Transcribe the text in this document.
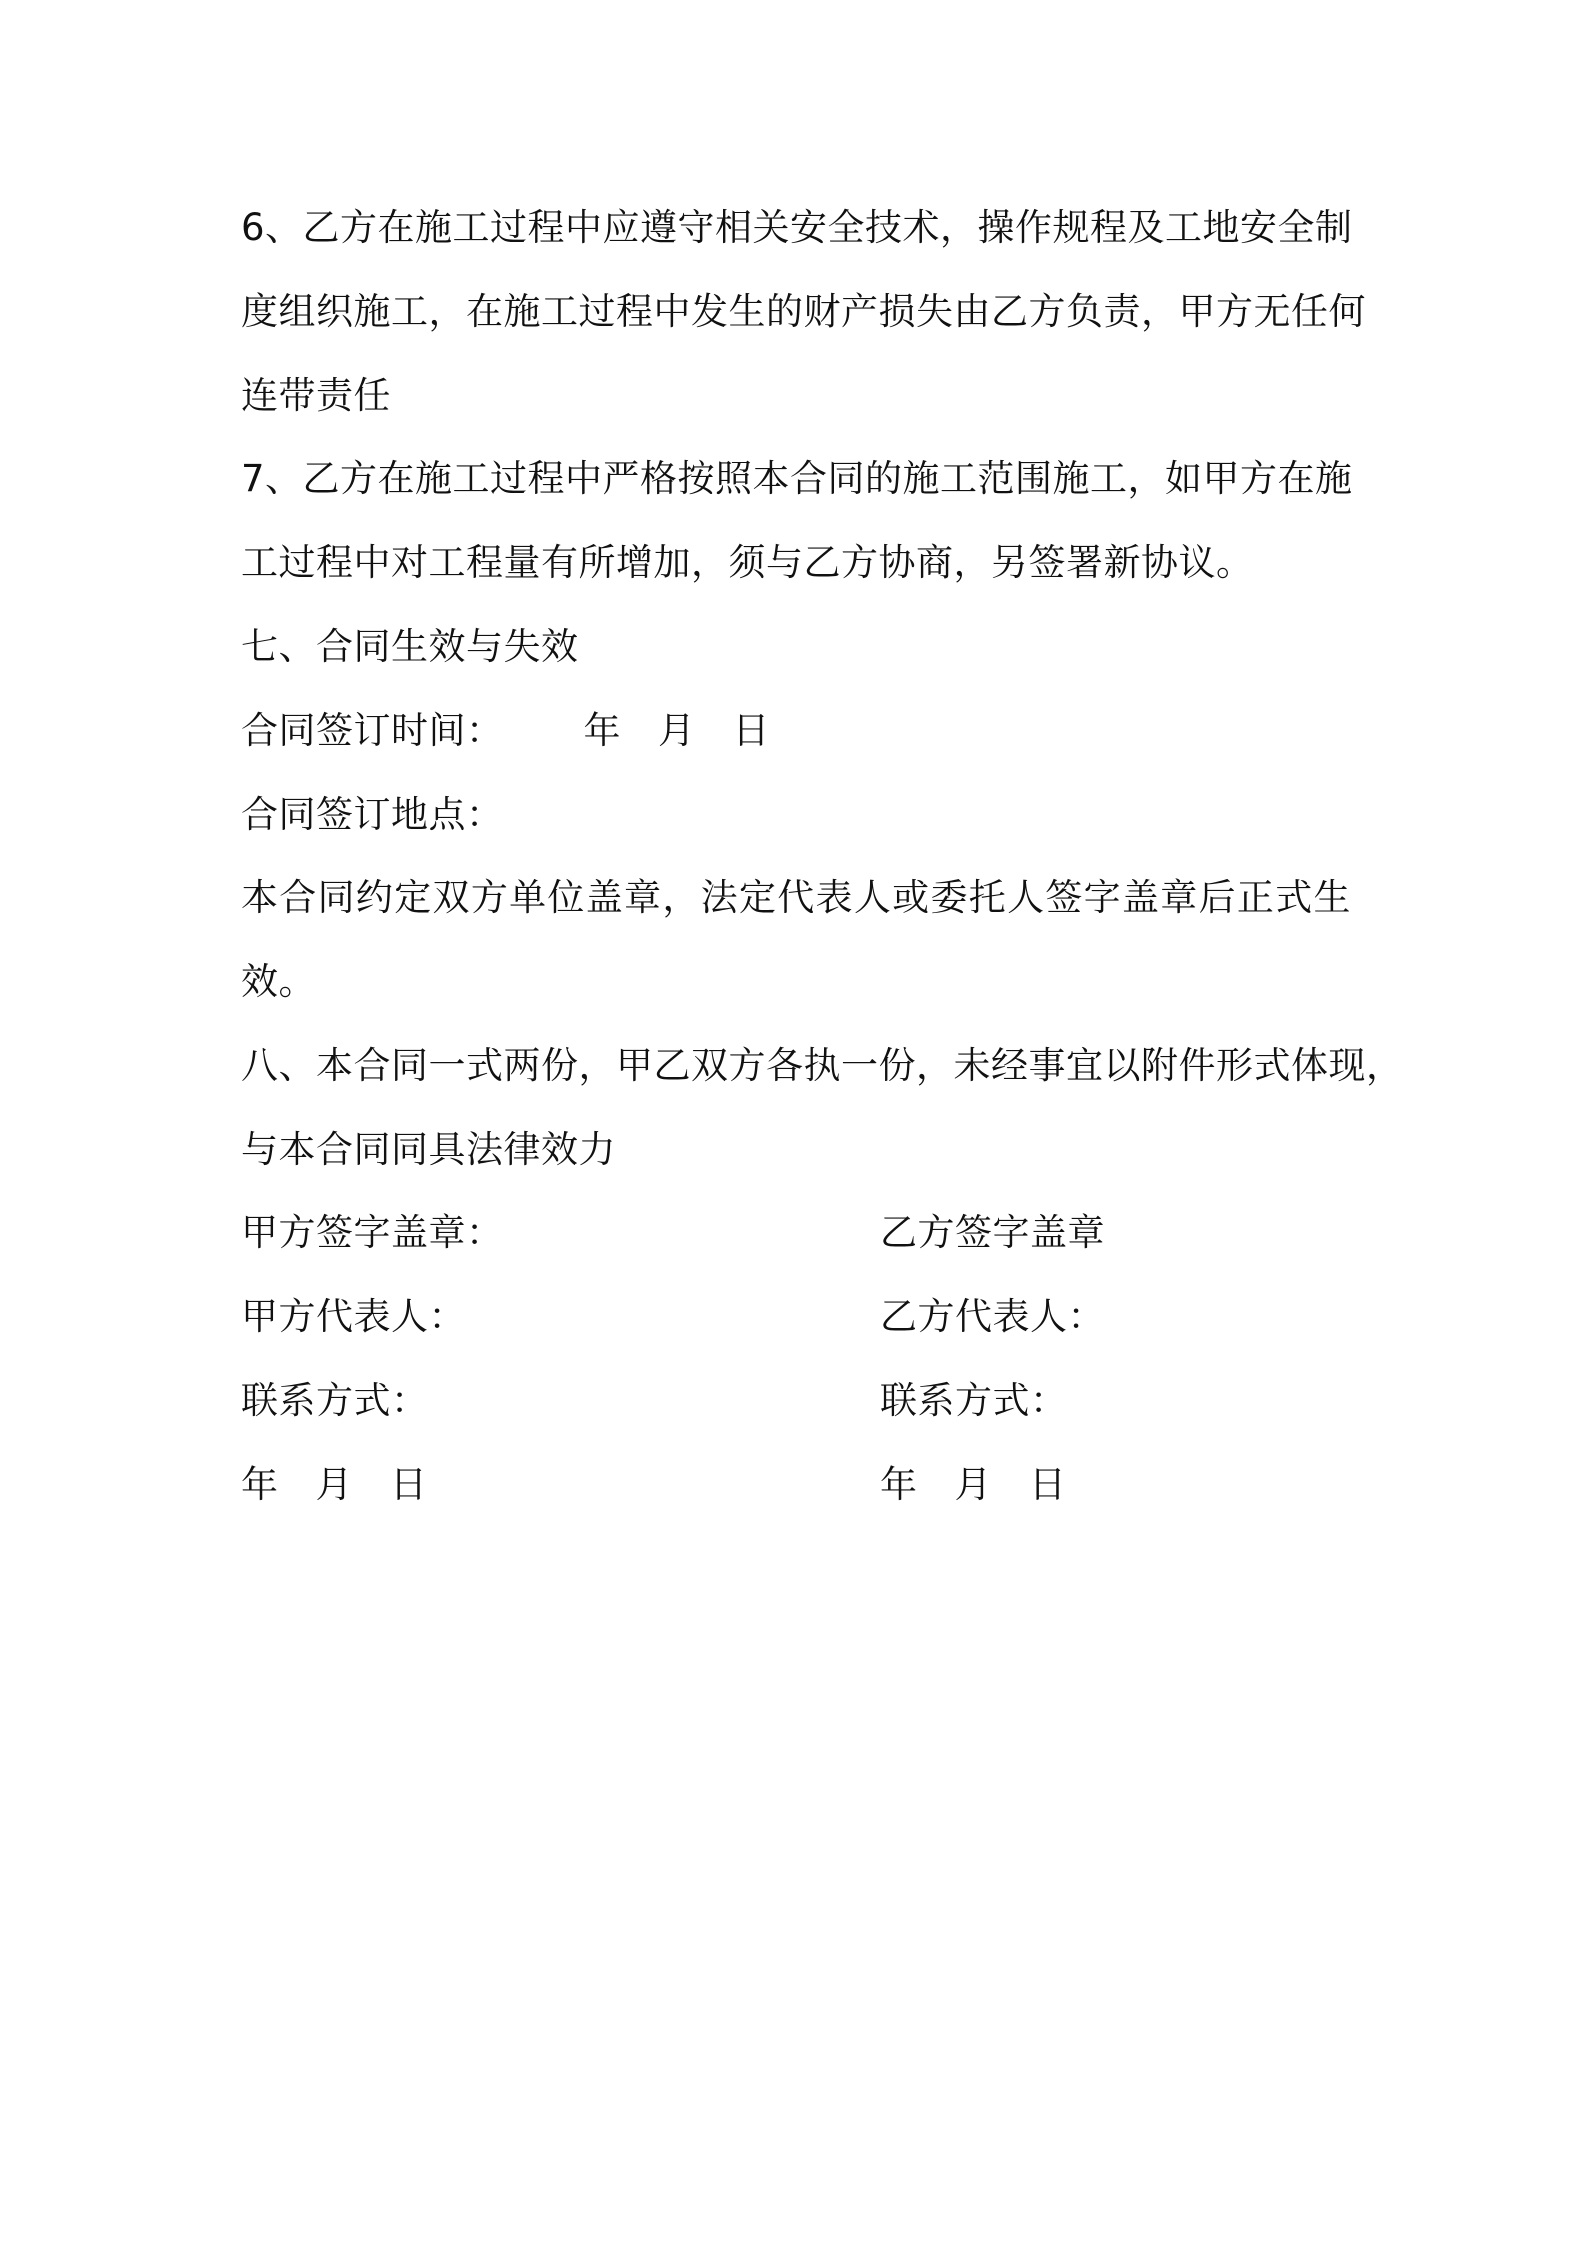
6、乙方在施工过程中应遵守相关安全技术，操作规程及工地安全制
度组织施工，在施工过程中发生的财产损失由乙方负责，甲方无任何
连带责任
7、乙方在施工过程中严格按照本合同的施工范围施工，如甲方在施
工过程中对工程量有所增加，须与乙方协商，另签署新协议。
七、合同生效与失效
合同签订时间： 年 月 日
合同签订地点：
本合同约定双方单位盖章，法定代表人或委托人签字盖章后正式生
效。
八、本合同一式两份，甲乙双方各执一份，未经事宜以附件形式体现，
与本合同同具法律效力
甲方签字盖章：	乙方签字盖章
甲方代表人：	乙方代表人：
联系方式：	联系方式：
年 月 日	年 月 日
